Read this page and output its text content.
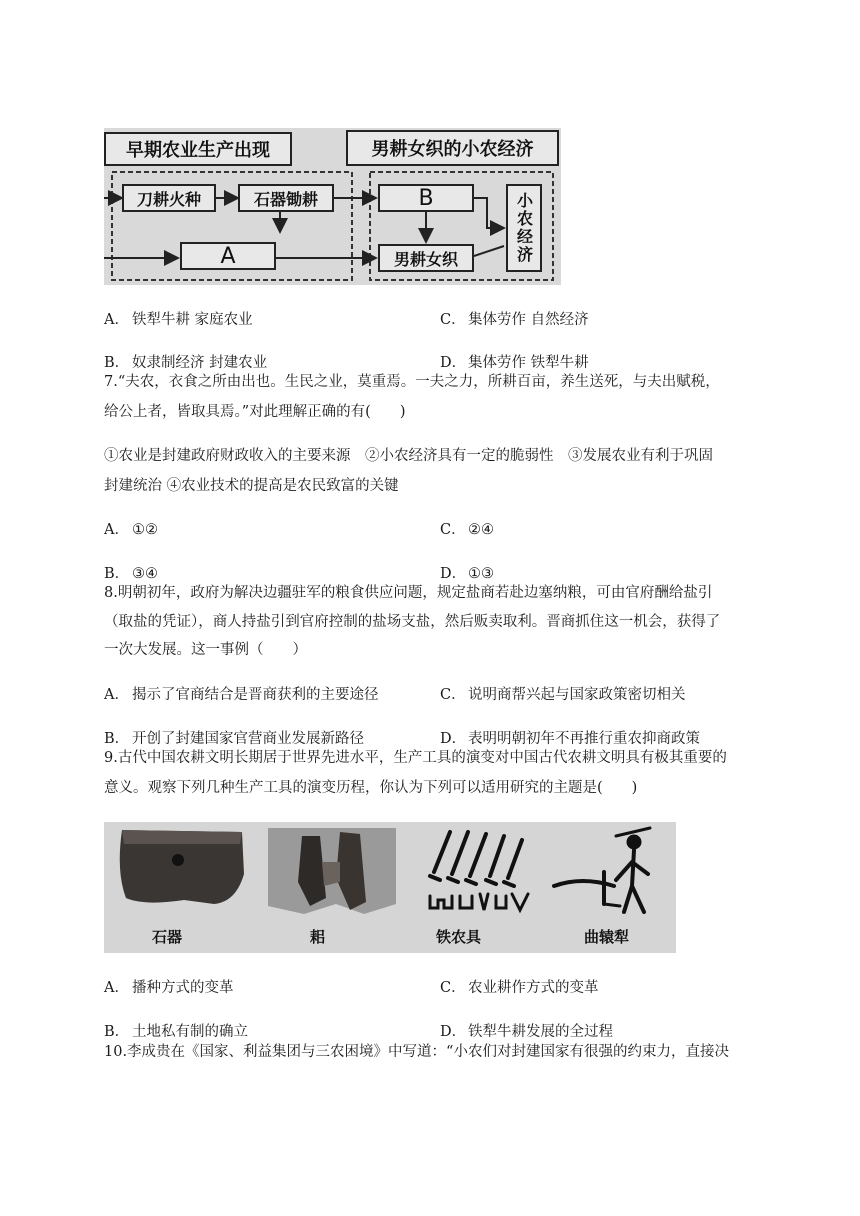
早期农业生产出现	男耕女织的小农经济
刀耕火种	石器锄耕
A
B
男耕女织	小农经济
A． 铁犁牛耕 家庭农业	C． 集体劳作 自然经济
B． 奴隶制经济 封建农业	D． 集体劳作 铁犁牛耕
7.“夫农，衣食之所由出也。生民之业，莫重焉。一夫之力，所耕百亩，养生送死，与夫出赋税，
给公上者，皆取具焉。”对此理解正确的有(　　)
①农业是封建政府财政收入的主要来源　②小农经济具有一定的脆弱性　③发展农业有利于巩固
封建统治 ④农业技术的提高是农民致富的关键
A． ①②	C． ②④
B． ③④	D． ①③
8.明朝初年，政府为解决边疆驻军的粮食供应问题，规定盐商若赴边塞纳粮，可由官府酬给盐引
（取盐的凭证），商人持盐引到官府控制的盐场支盐，然后贩卖取利。晋商抓住这一机会，获得了
一次大发展。这一事例（　　）
A． 揭示了官商结合是晋商获利的主要途径	C． 说明商帮兴起与国家政策密切相关
B． 开创了封建国家官营商业发展新路径	D． 表明明朝初年不再推行重农抑商政策
9.古代中国农耕文明长期居于世界先进水平，生产工具的演变对中国古代农耕文明具有极其重要的
意义。观察下列几种生产工具的演变历程，你认为下列可以适用研究的主题是(　　)
石器	耜	铁农具	曲辕犁
A． 播种方式的变革	C． 农业耕作方式的变革
B． 土地私有制的确立	D． 铁犁牛耕发展的全过程
10.李成贵在《国家、利益集团与三农困境》中写道：“小农们对封建国家有很强的约束力，直接决
